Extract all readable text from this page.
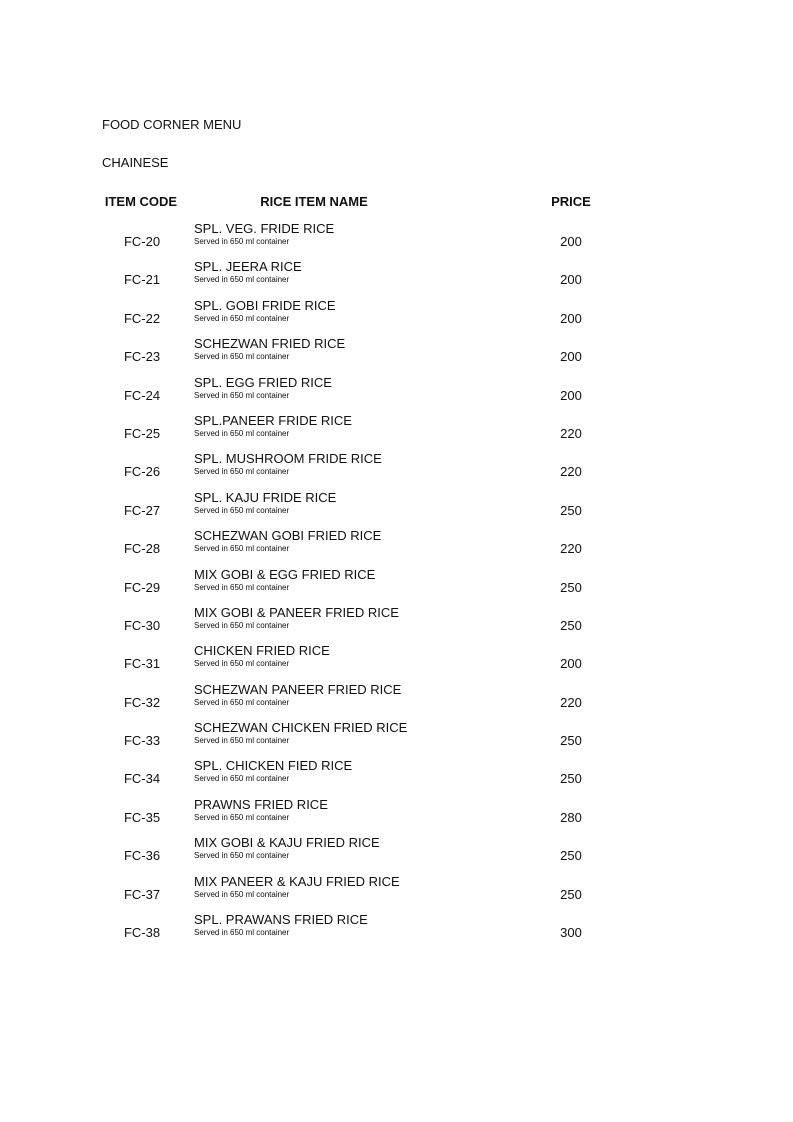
FOOD CORNER MENU
CHAINESE
ITEM CODE	RICE ITEM NAME	PRICE
FC-20
SPL. VEG. FRIDE RICE
Served in 650 ml container	200
FC-21
SPL. JEERA RICE
Served in 650 ml container	200
FC-22
SPL. GOBI FRIDE RICE
Served in 650 ml container	200
FC-23
SCHEZWAN FRIED RICE
Served in 650 ml container	200
FC-24
SPL. EGG FRIED RICE
Served in 650 ml container	200
FC-25
SPL.PANEER FRIDE RICE
Served in 650 ml container	220
FC-26
SPL. MUSHROOM FRIDE RICE
Served in 650 ml container	220
FC-27
SPL. KAJU FRIDE RICE
Served in 650 ml container	250
FC-28
SCHEZWAN GOBI FRIED RICE
Served in 650 ml container	220
FC-29
MIX GOBI & EGG FRIED RICE
Served in 650 ml container	250
FC-30
MIX GOBI & PANEER FRIED RICE
Served in 650 ml container	250
FC-31
CHICKEN FRIED RICE
Served in 650 ml container	200
FC-32
SCHEZWAN PANEER FRIED RICE
Served in 650 ml container	220
FC-33
SCHEZWAN CHICKEN FRIED RICE
Served in 650 ml container	250
FC-34
SPL. CHICKEN FIED RICE
Served in 650 ml container	250
FC-35
PRAWNS FRIED RICE
Served in 650 ml container	280
FC-36
MIX GOBI & KAJU FRIED RICE
Served in 650 ml container	250
FC-37
MIX PANEER & KAJU FRIED RICE
Served in 650 ml container	250
FC-38
SPL. PRAWANS FRIED RICE
Served in 650 ml container	300
